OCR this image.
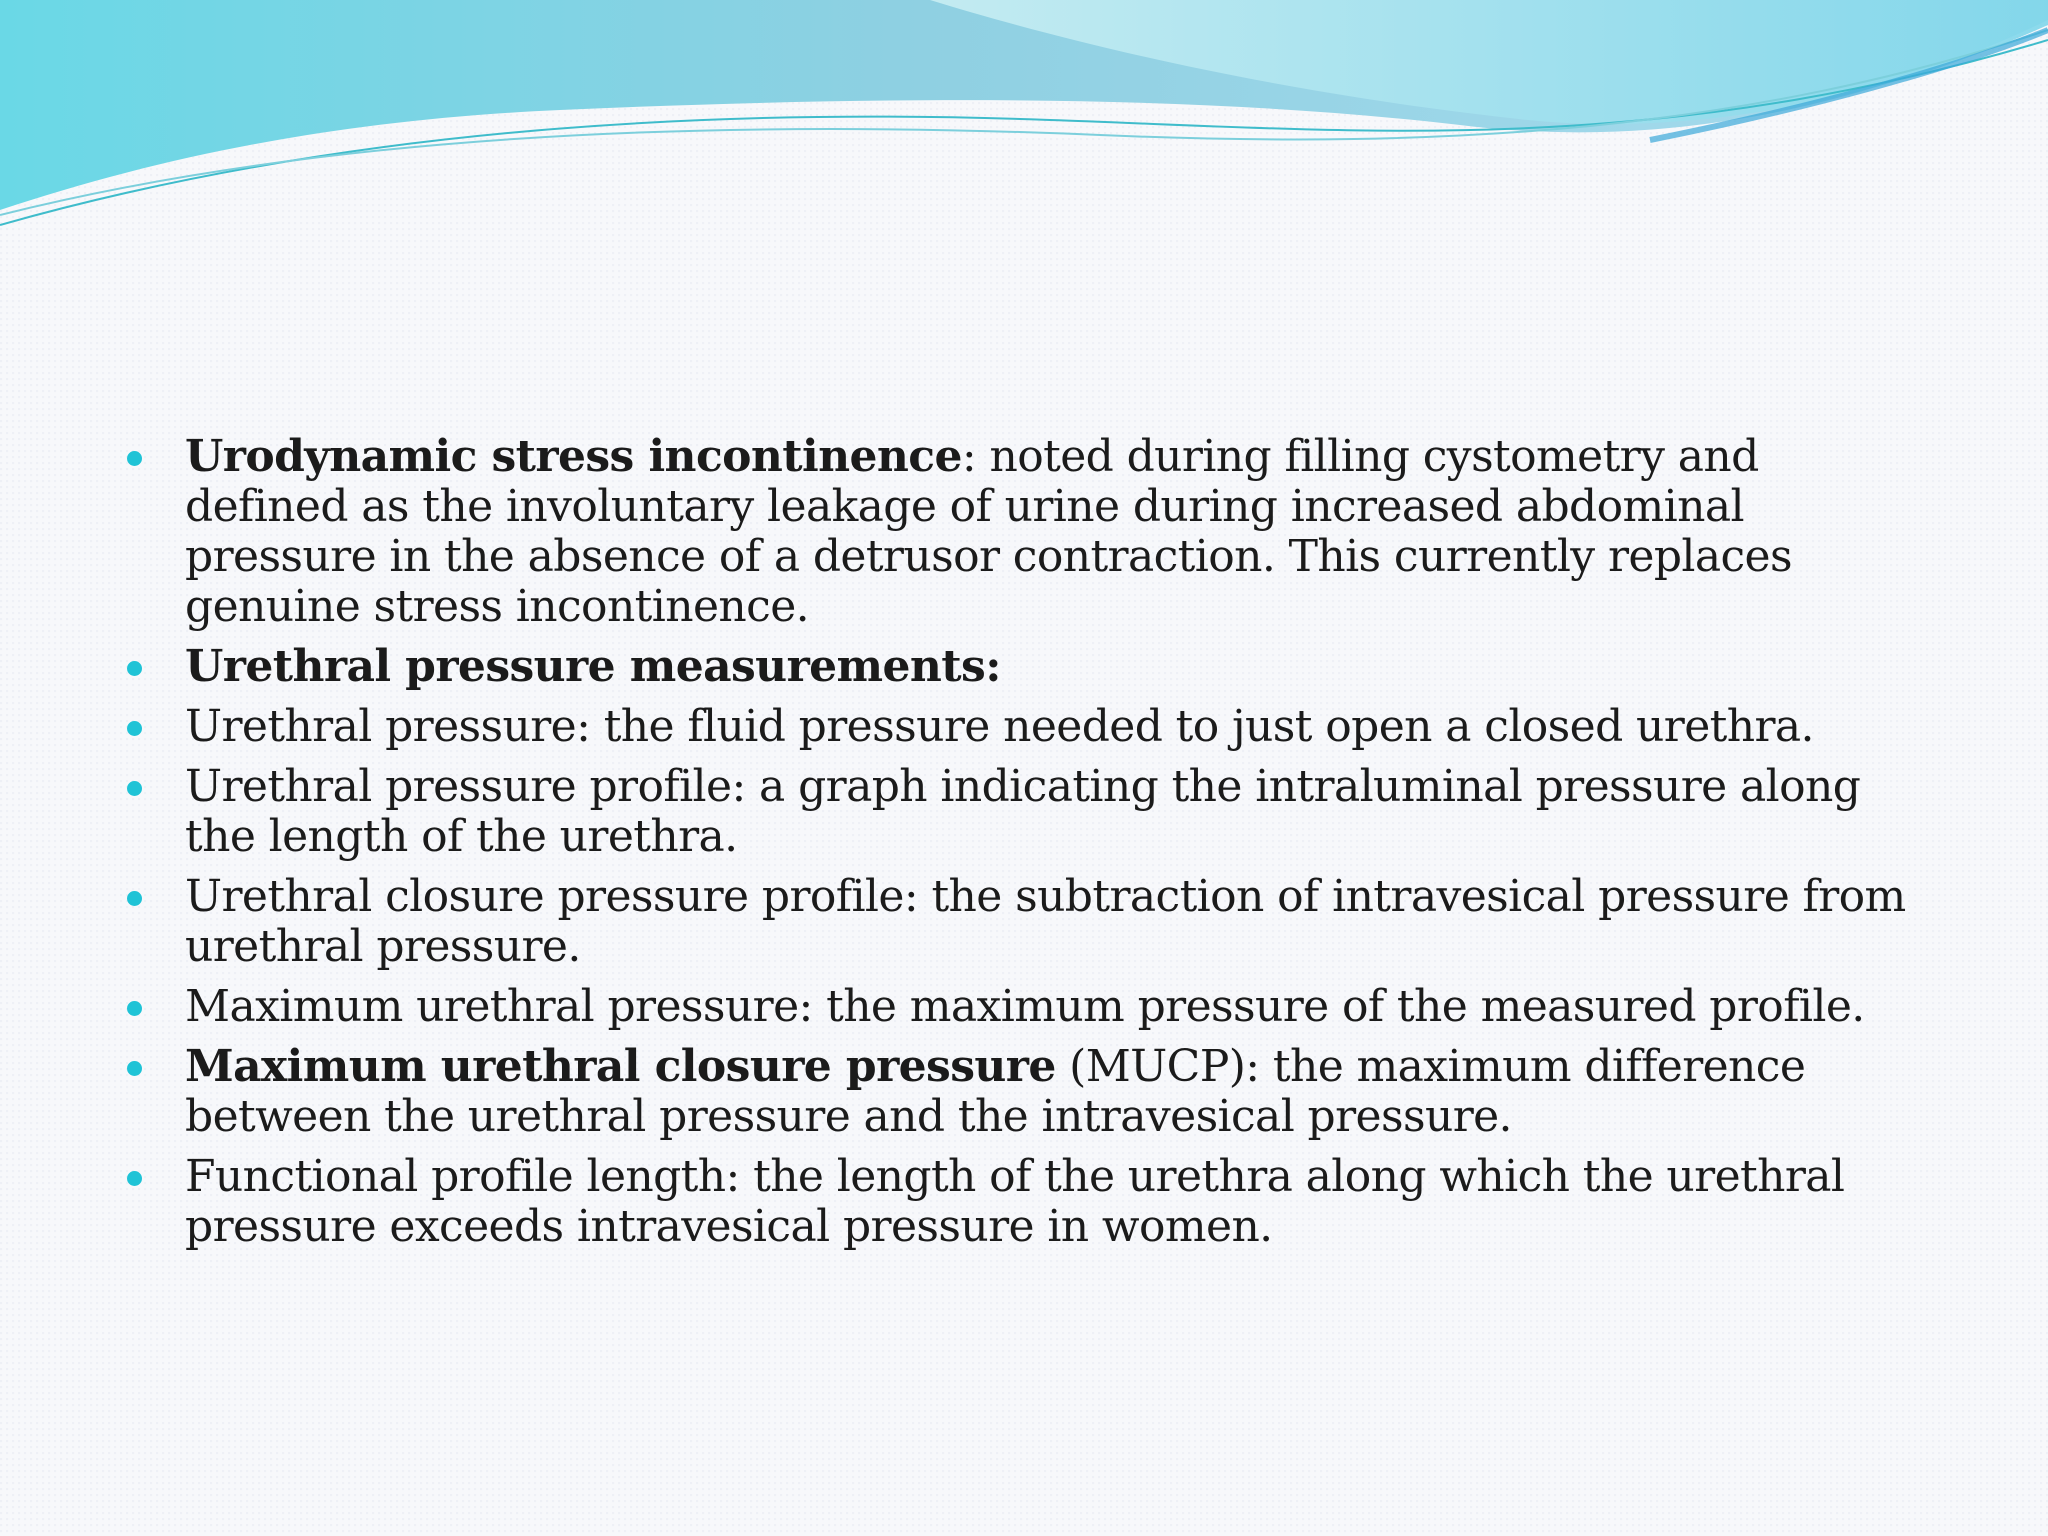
Urodynamic stress incontinence: noted during filling cystometry and defined as the involuntary leakage of urine during increased abdominal pressure in the absence of a detrusor contraction. This currently replaces genuine stress incontinence.
Urethral pressure measurements:
Urethral pressure: the fluid pressure needed to just open a closed urethra.
Urethral pressure profile: a graph indicating the intraluminal pressure along the length of the urethra.
Urethral closure pressure profile: the subtraction of intravesical pressure from urethral pressure.
Maximum urethral pressure: the maximum pressure of the measured profile.
Maximum urethral closure pressure (MUCP): the maximum difference between the urethral pressure and the intravesical pressure.
Functional profile length: the length of the urethra along which the urethral pressure exceeds intravesical pressure in women.
